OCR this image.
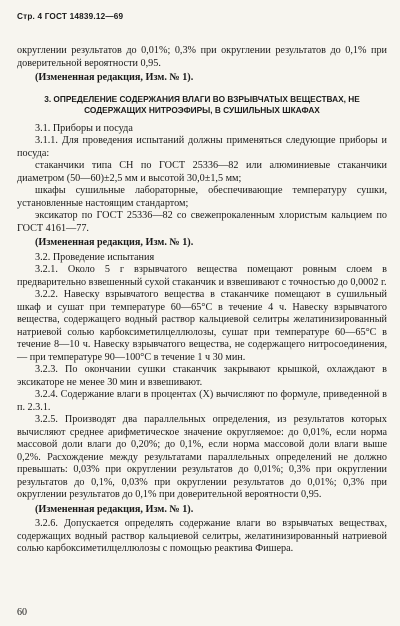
Стр. 4 ГОСТ 14839.12—69

округлении результатов до 0,01%; 0,3% при округлении результатов до 0,1% при доверительной вероятности 0,95.

(Измененная редакция, Изм. № 1).

3. ОПРЕДЕЛЕНИЕ СОДЕРЖАНИЯ ВЛАГИ ВО ВЗРЫВЧАТЫХ ВЕЩЕСТВАХ, НЕ СОДЕРЖАЩИХ НИТРОЭФИРЫ, В СУШИЛЬНЫХ ШКАФАХ

3.1. Приборы и посуда

3.1.1. Для проведения испытаний должны применяться следующие приборы и посуда:

стаканчики типа СН по ГОСТ 25336—82 или алюминиевые стаканчики диаметром (50—60)±2,5 мм и высотой 30,0±1,5 мм;

шкафы сушильные лабораторные, обеспечивающие температуру сушки, установленные настоящим стандартом;

эксикатор по ГОСТ 25336—82 со свежепрокаленным хлористым кальцием по ГОСТ 4161—77.

(Измененная редакция, Изм. № 1).

3.2. Проведение испытания

3.2.1. Около 5 г взрывчатого вещества помещают ровным слоем в предварительно взвешенный сухой стаканчик и взвешивают с точностью до 0,0002 г.

3.2.2. Навеску взрывчатого вещества в стаканчике помещают в сушильный шкаф и сушат при температуре 60—65°С в течение 4 ч. Навеску взрывчатого вещества, содержащего водный раствор кальциевой селитры желатинизированный натриевой солью карбоксиметилцеллюлозы, сушат при температуре 60—65°С в течение 8—10 ч. Навеску взрывчатого вещества, не содержащего нитросоединения, — при температуре 90—100°С в течение 1 ч 30 мин.

3.2.3. По окончании сушки стаканчик закрывают крышкой, охлаждают в эксикаторе не менее 30 мин и взвешивают.

3.2.4. Содержание влаги в процентах (X) вычисляют по формуле, приведенной в п. 2.3.1.

3.2.5. Производят два параллельных определения, из результатов которых вычисляют среднее арифметическое значение округляемое: до 0,01%, если норма массовой доли влаги до 0,20%; до 0,1%, если норма массовой доли влаги выше 0,2%. Расхождение между результатами параллельных определений не должно превышать: 0,03% при округлении результатов до 0,01%; 0,3% при округлении результатов до 0,1%, 0,03% при округлении результатов до 0,01%; 0,3% при округлении результатов до 0,1% при доверительной вероятности 0,95.

(Измененная редакция, Изм. № 1).

3.2.6. Допускается определять содержание влаги во взрывчатых веществах, содержащих водный раствор кальциевой селитры, желатинизированный натриевой солью карбоксиметилцеллюлозы с помощью реактива Фишера.

60
